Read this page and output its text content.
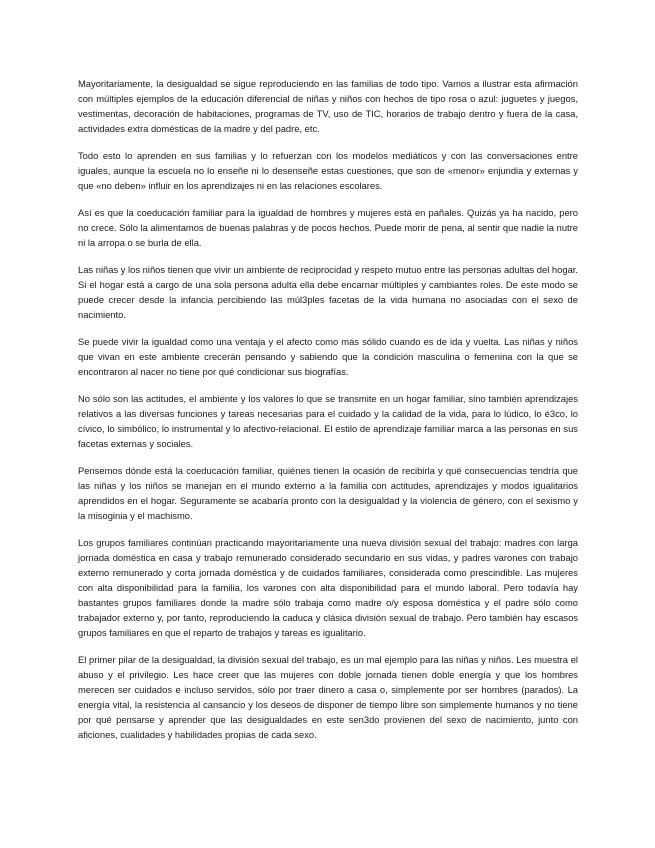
Mayoritariamente, la desigualdad se sigue reproduciendo en las familias de todo tipo. Vamos a ilustrar esta afirmación con múltiples ejemplos de la educación diferencial de niñas y niños con hechos de tipo rosa o azul: juguetes y juegos, vestimentas, decoración de habitaciones, programas de TV, uso de TIC, horarios de trabajo dentro y fuera de la casa, actividades extra domésticas de la madre y del padre, etc.

Todo esto lo aprenden en sus familias y lo refuerzan con los modelos mediáticos y con las conversaciones entre iguales, aunque la escuela no lo enseñe ni lo desenseñe estas cuestiones, que son de «menor» enjundia y externas y que «no deben» influir en los aprendizajes ni en las relaciones escolares.

Así es que la coeducación familiar para la igualdad de hombres y mujeres está en pañales. Quizás ya ha nacido, pero no crece. Sólo la alimentamos de buenas palabras y de pocos hechos. Puede morir de pena, al sentir que nadie la nutre ni la arropa o se burla de ella.

Las niñas y los niños tienen que vivir un ambiente de reciprocidad y respeto mutuo entre las personas adultas del hogar. Si el hogar está a cargo de una sola persona adulta ella debe encarnar múltiples y cambiantes roles. De este modo se puede crecer desde la infancia percibiendo las múl3ples facetas de la vida humana no asociadas con el sexo de nacimiento.

Se puede vivir la igualdad como una ventaja y el afecto como más sólido cuando es de ida y vuelta. Las niñas y niños que vivan en este ambiente crecerán pensando y sabiendo que la condición masculina o femenina con la que se encontraron al nacer no tiene por qué condicionar sus biografías.

No sólo son las actitudes, el ambiente y los valores lo que se transmite en un hogar familiar, sino también aprendizajes relativos a las diversas funciones y tareas necesarias para el cuidado y la calidad de la vida, para lo lúdico, lo é3co, lo cívico, lo simbólico, lo instrumental y lo afectivo-relacional. El estilo de aprendizaje familiar marca a las personas en sus facetas externas y sociales.

Pensemos dónde está la coeducación familiar, quiénes tienen la ocasión de recibirla y qué consecuencias tendría que las niñas y los niños se manejan en el mundo externo a la familia con actitudes, aprendizajes y modos igualitarios aprendidos en el hogar. Seguramente se acabaría pronto con la desigualdad y la violencia de género, con el sexismo y la misoginia y el machismo.

Los grupos familiares continúan practicando mayoritariamente una nueva división sexual del trabajo: madres con larga jornada doméstica en casa y trabajo remunerado considerado secundario en sus vidas, y padres varones con trabajo externo remunerado y corta jornada doméstica y de cuidados familiares, considerada como prescindible. Las mujeres con alta disponibilidad para la familia, los varones con alta disponibilidad para el mundo laboral. Pero todavía hay bastantes grupos familiares donde la madre sólo trabaja como madre o/y esposa doméstica y el padre sólo como trabajador externo y, por tanto, reproduciendo la caduca y clásica división sexual de trabajo. Pero también hay escasos grupos familiares en que el reparto de trabajos y tareas es igualitario.

El primer pilar de la desigualdad, la división sexual del trabajo, es un mal ejemplo para las niñas y niños. Les muestra el abuso y el privilegio. Les hace creer que las mujeres con doble jornada tienen doble energía y que los hombres merecen ser cuidados e incluso servidos, sólo por traer dinero a casa o, simplemente por ser hombres (parados). La energía vital, la resistencia al cansancio y los deseos de disponer de tiempo libre son simplemente humanos y no tiene por qué pensarse y aprender que las desigualdades en este sen3do provienen del sexo de nacimiento, junto con aficiones, cualidades y habilidades propias de cada sexo.
